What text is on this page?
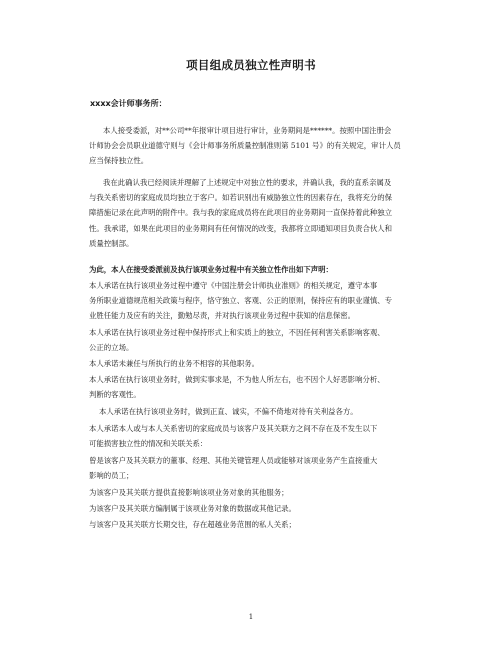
项目组成员独立性声明书
xxxx会计师事务所：
本人接受委派，对**公司**年报审计项目进行审计，业务期间是******。按照中国注册会
计师协会会员职业道德守则与《会计师事务所质量控制准则第 5101 号》的有关规定，审计人员
应当保持独立性。
我在此确认我已经阅读并理解了上述规定中对独立性的要求，并确认我，我的直系亲属及
与我关系密切的家庭成员均独立于客户。如若识别出有威胁独立性的因素存在，我将充分的保
障措施记录在此声明的附件中。我与我的家庭成员将在此项目的业务期间一直保持着此种独立
性。我承诺，如果在此项目的业务期间有任何情况的改变，我都将立即通知项目负责合伙人和
质量控制部。
为此，本人在接受委派前及执行该项业务过程中有关独立性作出如下声明：
本人承诺在执行该项业务过程中遵守《中国注册会计师执业准则》的相关规定，遵守本事
务所职业道德规范相关政策与程序，恪守独立、客观、公正的原则，保持应有的职业谨慎、专
业胜任能力及应有的关注，勤勉尽责，并对执行该项业务过程中获知的信息保密。
本人承诺在执行该项业务过程中保持形式上和实质上的独立，不因任何利害关系影响客观、
公正的立场。
本人承诺未兼任与所执行的业务不相容的其他职务。
本人承诺在执行该项业务时，做到实事求是，不为他人所左右，也不因个人好恶影响分析、
判断的客观性。
本人承诺在执行该项业务时，做到正直、诚实，不偏不倚地对待有关利益各方。
本人承诺本人或与本人关系密切的家庭成员与该客户及其关联方之间不存在及不发生以下
可能损害独立性的情况和关联关系：
曾是该客户及其关联方的董事、经理、其他关键管理人员或能够对该项业务产生直接重大
影响的员工；
为该客户及其关联方提供直接影响该项业务对象的其他服务；
为该客户及其关联方编制属于该项业务对象的数据或其他记录。
与该客户及其关联方长期交往，存在超越业务范围的私人关系；
1
